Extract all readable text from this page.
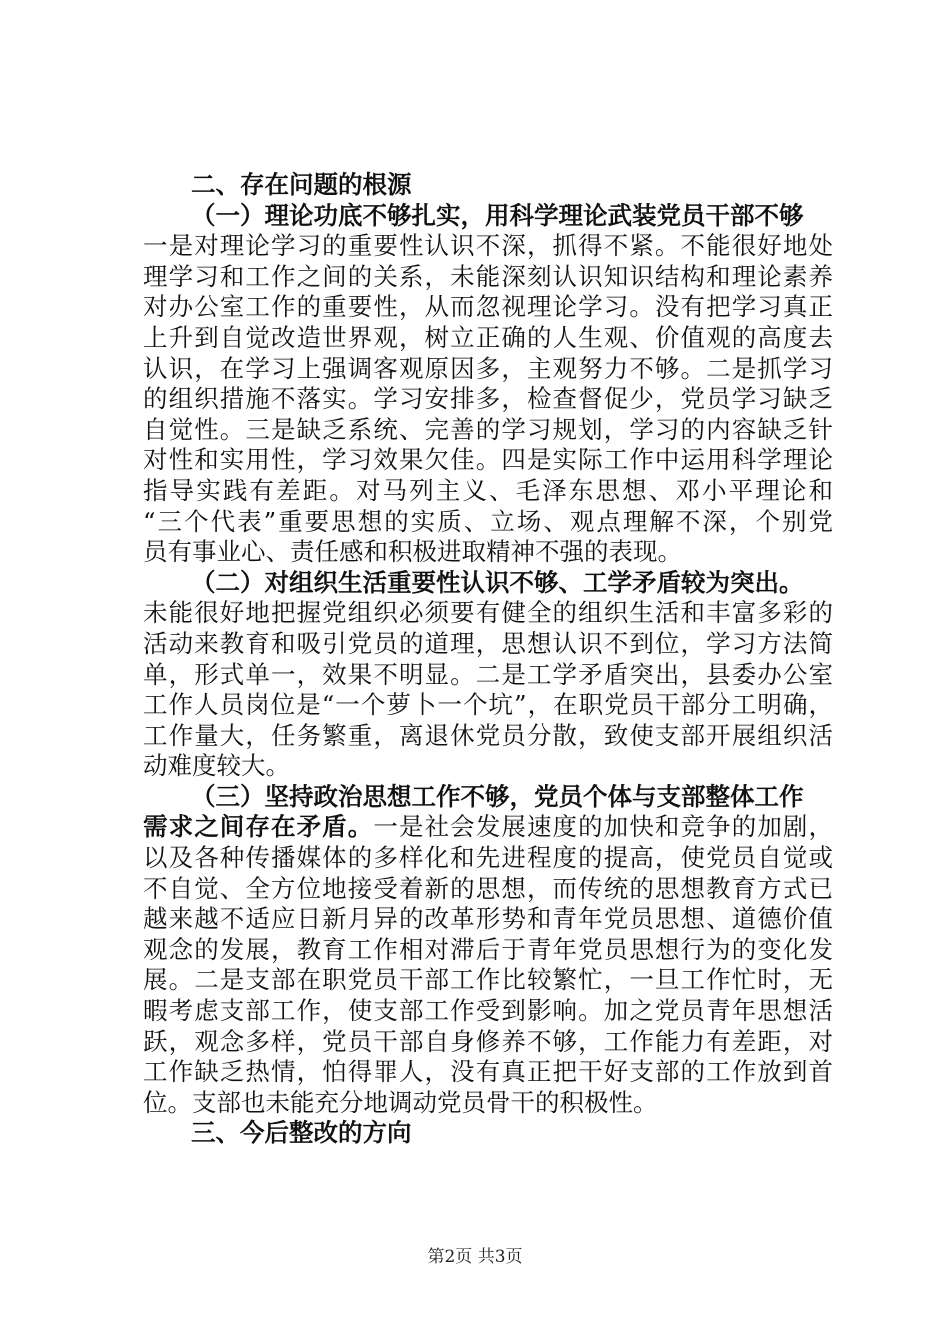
二、存在问题的根源
（一）理论功底不够扎实，用科学理论武装党员干部不够
一是对理论学习的重要性认识不深，抓得不紧。不能很好地处
理学习和工作之间的关系，未能深刻认识知识结构和理论素养
对办公室工作的重要性，从而忽视理论学习。没有把学习真正
上升到自觉改造世界观，树立正确的人生观、价值观的高度去
认识，在学习上强调客观原因多，主观努力不够。二是抓学习
的组织措施不落实。学习安排多，检查督促少，党员学习缺乏
自觉性。三是缺乏系统、完善的学习规划，学习的内容缺乏针
对性和实用性，学习效果欠佳。四是实际工作中运用科学理论
指导实践有差距。对马列主义、毛泽东思想、邓小平理论和
“三个代表”重要思想的实质、立场、观点理解不深，个别党
员有事业心、责任感和积极进取精神不强的表现。
（二）对组织生活重要性认识不够、工学矛盾较为突出。
未能很好地把握党组织必须要有健全的组织生活和丰富多彩的
活动来教育和吸引党员的道理，思想认识不到位，学习方法简
单，形式单一，效果不明显。二是工学矛盾突出，县委办公室
工作人员岗位是“一个萝卜一个坑”，在职党员干部分工明确，
工作量大，任务繁重，离退休党员分散，致使支部开展组织活
动难度较大。
（三）坚持政治思想工作不够，党员个体与支部整体工作
需求之间存在矛盾。一是社会发展速度的加快和竞争的加剧，
以及各种传播媒体的多样化和先进程度的提高，使党员自觉或
不自觉、全方位地接受着新的思想，而传统的思想教育方式已
越来越不适应日新月异的改革形势和青年党员思想、道德价值
观念的发展，教育工作相对滞后于青年党员思想行为的变化发
展。二是支部在职党员干部工作比较繁忙，一旦工作忙时，无
暇考虑支部工作，使支部工作受到影响。加之党员青年思想活
跃，观念多样，党员干部自身修养不够，工作能力有差距，对
工作缺乏热情，怕得罪人，没有真正把干好支部的工作放到首
位。支部也未能充分地调动党员骨干的积极性。
三、今后整改的方向
第2页 共3页
